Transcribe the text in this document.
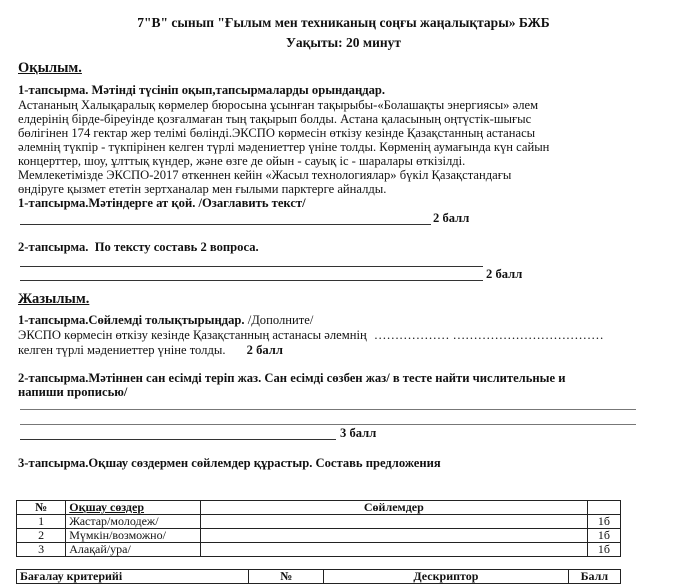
7"В" сынып "Ғылым мен техниканың соңғы жаңалықтары» БЖБ
Уақыты: 20 минут
Оқылым.
1-тапсырма. Мәтінді түсініп оқып,тапсырмаларды орындаңдар.
Астананың Халықаралық көрмелер бюросына ұсынған тақырыбы-«Болашақты энергиясы» әлем
елдерінің бірде-біреуінде қозғалмаған тың тақырып болды. Астана қаласының оңтүстік-шығыс
бөлігінен 174 гектар жер телімі бөлінді.ЭКСПО көрмесін өткізу кезінде Қазақстанның астанасы
әлемнің түкпір - түкпірінен келген түрлі мәдениеттер үніне толды. Көрменің аумағында күн сайын
концерттер, шоу, ұлттық күндер, және өзге де ойын - сауық іс - шаралары өткізілді.
Мемлекетімізде ЭКСПО-2017 өткеннен кейін «Жасыл технологиялар» бүкіл Қазақстандағы
өндіруге қызмет ететін зертханалар мен ғылыми парктерге айналды.
1-тапсырма.Мәтіндерге ат қой. /Озаглавить текст/
2 балл
2-тапсырма. По тексту составь 2 вопроса.
2 балл
Жазылым.
1-тапсырма.Сөйлемді толықтырыңдар. /Дополните/
ЭКСПО көрмесін өткізу кезінде Қазақстанның астанасы әлемнің ……………… ………………………………
келген түрлі мәдениеттер үніне толды. 2 балл
2-тапсырма.Мәтіннен сан есімді теріп жаз. Сан есімді сөзбен жаз/ в тесте найти числительные и
напиши прописью/
3 балл
3-тапсырма.Оқшау сөздермен сөйлемдер құрастыр. Составь предложения
№	Оқшау сөздер	Сөйлемдер	
1	Жастар/молодеж/		1б
2	Мүмкін/возможно/		1б
3	Алақай/ура/		1б
Бағалау критерийі	№	Дескриптор	Балл
